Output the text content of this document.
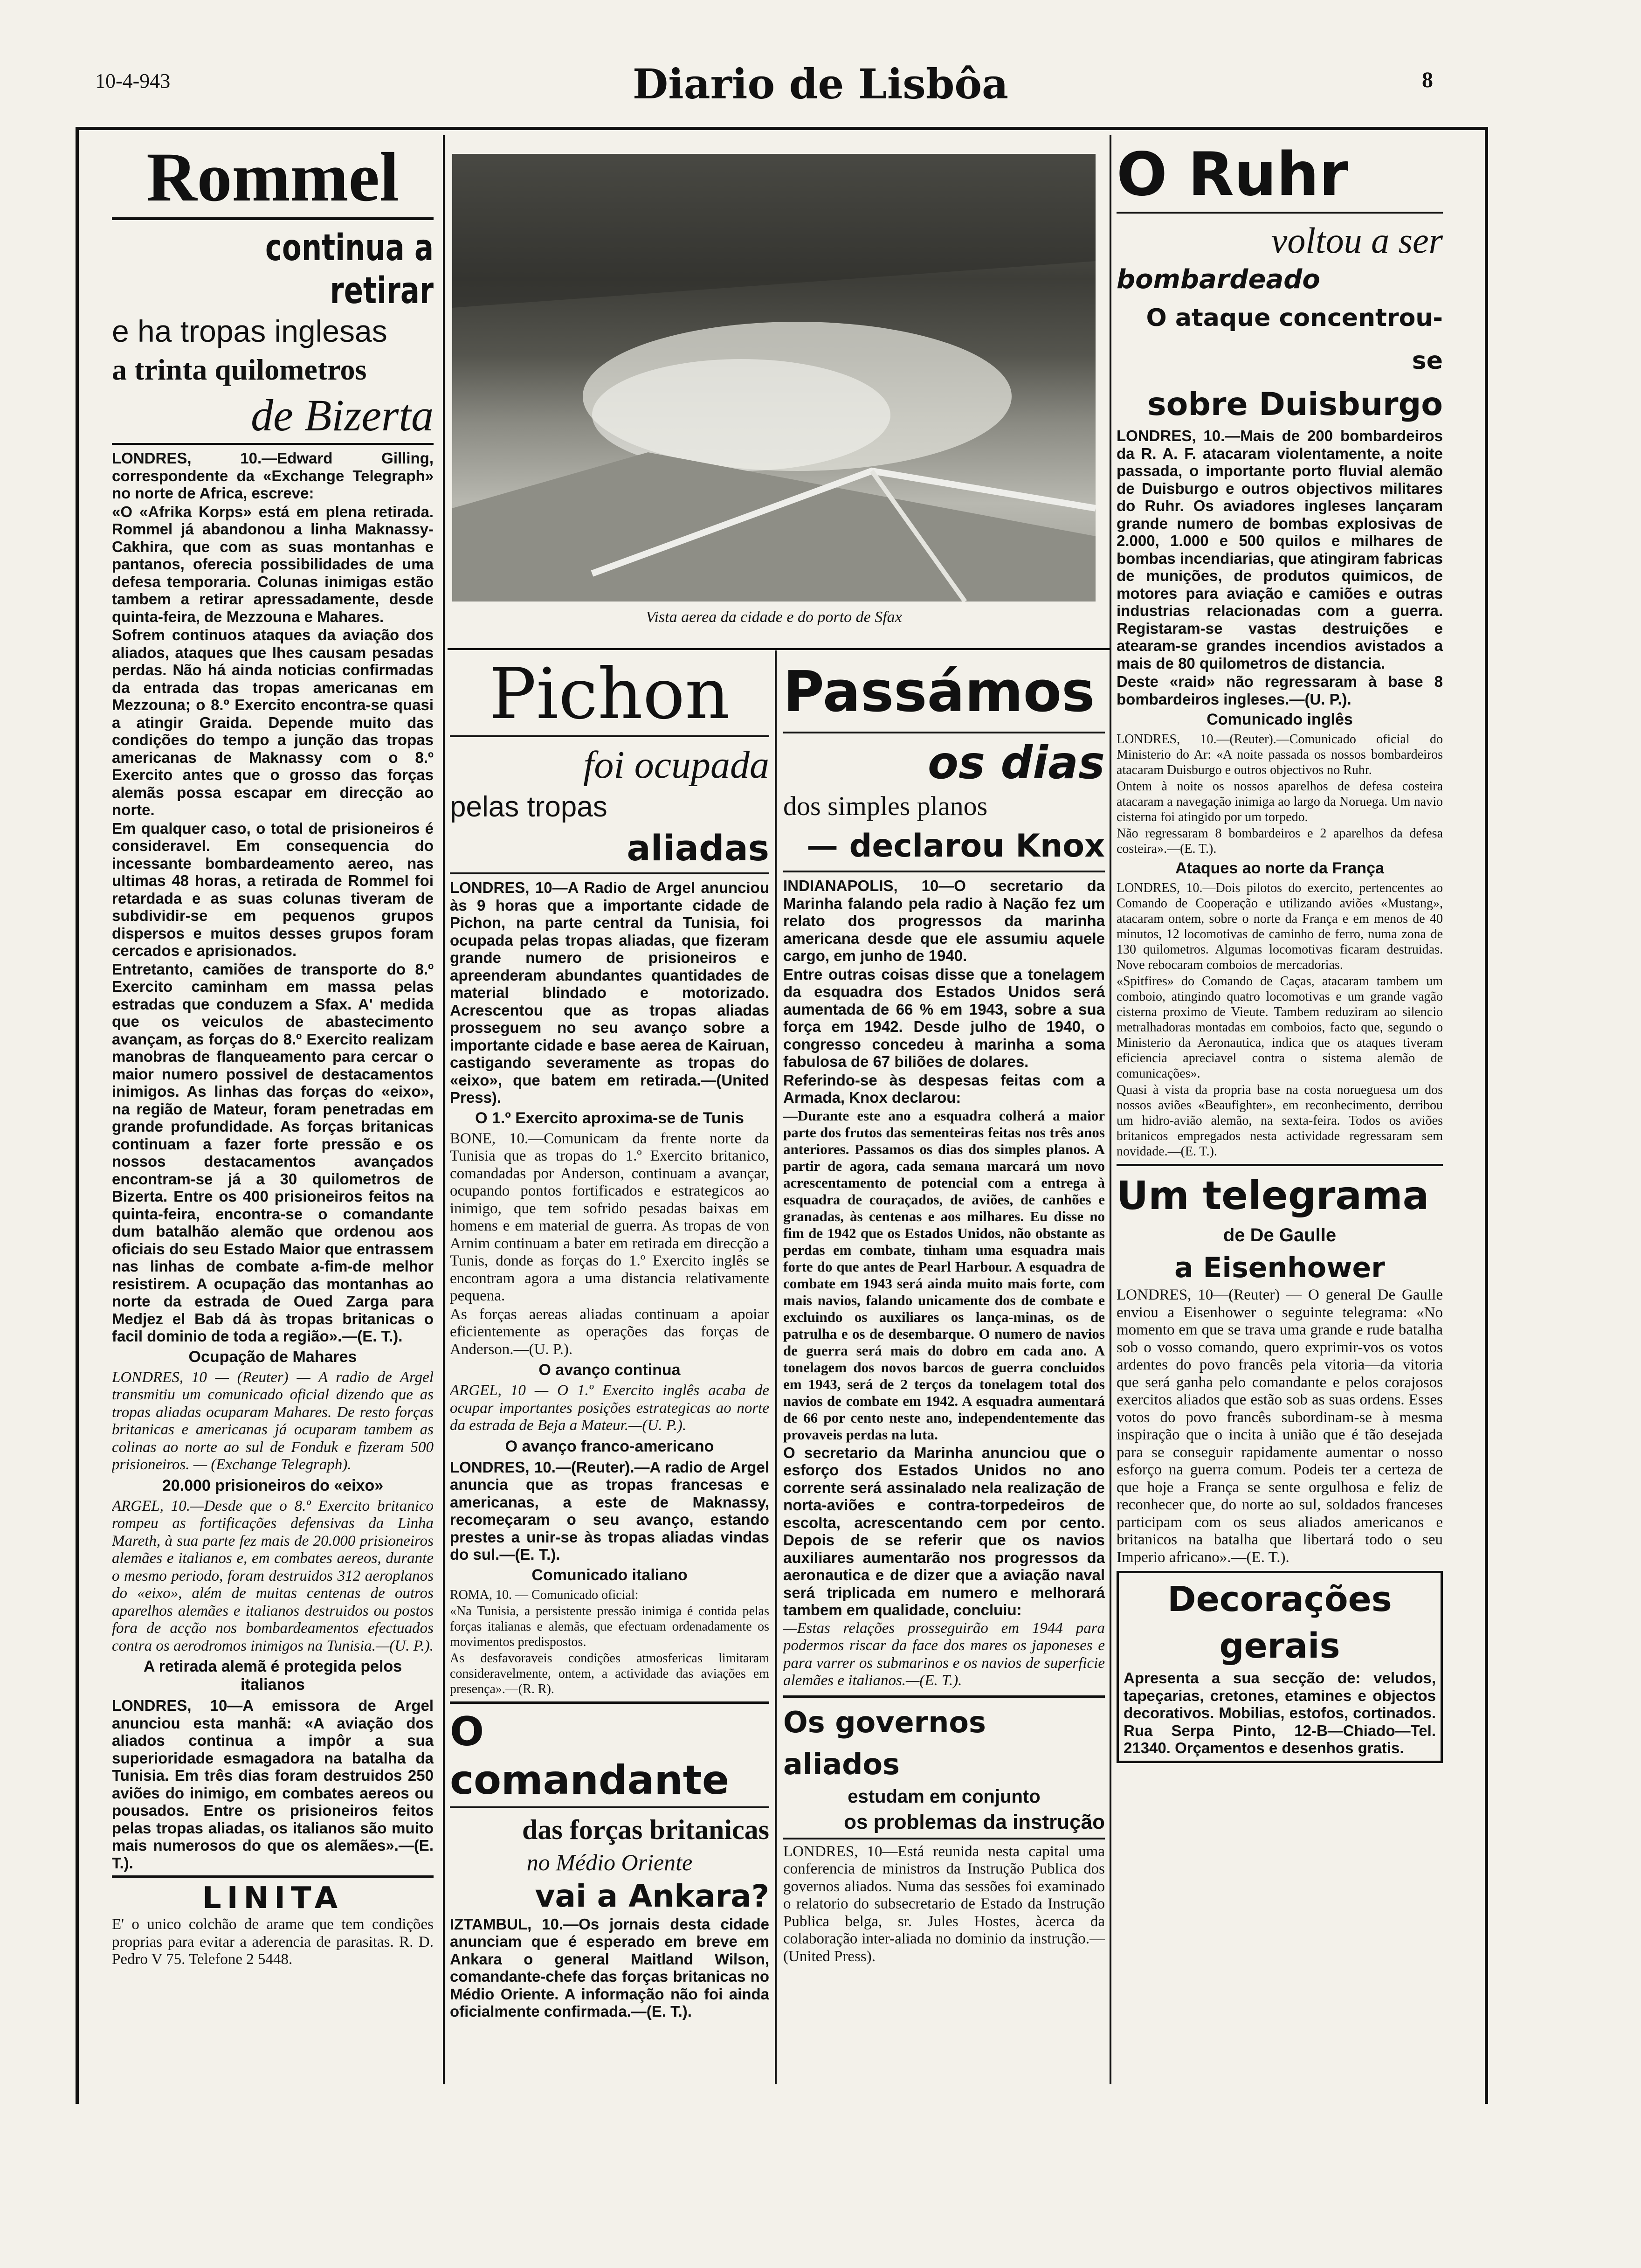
10-4-943	Diario de Lisbôa	8
Rommel
continua a retirar
e ha tropas inglesas
a trinta quilometros
de Bizerta

LONDRES, 10.—Edward Gilling, correspondente da «Exchange Telegraph» no norte de Africa, escreve:

«O «Afrika Korps» está em plena retirada. Rommel já abandonou a linha Maknassy-Cakhira, que com as suas montanhas e pantanos, oferecia possibilidades de uma defesa temporaria. Colunas inimigas estão tambem a retirar apressadamente, desde quinta-feira, de Mezzouna e Mahares.

Sofrem continuos ataques da aviação dos aliados, ataques que lhes causam pesadas perdas. Não há ainda noticias confirmadas da entrada das tropas americanas em Mezzouna; o 8.º Exercito encontra-se quasi a atingir Graida. Depende muito das condições do tempo a junção das tropas americanas de Maknassy com o 8.º Exercito antes que o grosso das forças alemãs possa escapar em direcção ao norte.

Em qualquer caso, o total de prisioneiros é consideravel. Em consequencia do incessante bombardeamento aereo, nas ultimas 48 horas, a retirada de Rommel foi retardada e as suas colunas tiveram de subdividir-se em pequenos grupos dispersos e muitos desses grupos foram cercados e aprisionados.

Entretanto, camiões de transporte do 8.º Exercito caminham em massa pelas estradas que conduzem a Sfax. A' medida que os veiculos de abastecimento avançam, as forças do 8.º Exercito realizam manobras de flanqueamento para cercar o maior numero possivel de destacamentos inimigos. As linhas das forças do «eixo», na região de Mateur, foram penetradas em grande profundidade. As forças britanicas continuam a fazer forte pressão e os nossos destacamentos avançados encontram-se já a 30 quilometros de Bizerta. Entre os 400 prisioneiros feitos na quinta-feira, encontra-se o comandante dum batalhão alemão que ordenou aos oficiais do seu Estado Maior que entrassem nas linhas de combate a-fim-de melhor resistirem. A ocupação das montanhas ao norte da estrada de Oued Zarga para Medjez el Bab dá às tropas britanicas o facil dominio de toda a região».—(E. T.).

Ocupação de Mahares

LONDRES, 10 — (Reuter) — A radio de Argel transmitiu um comunicado oficial dizendo que as tropas aliadas ocuparam Mahares. De resto forças britanicas e americanas já ocuparam tambem as colinas ao norte ao sul de Fonduk e fizeram 500 prisioneiros. — (Exchange Telegraph).

20.000 prisioneiros do «eixo»

ARGEL, 10.—Desde que o 8.º Exercito britanico rompeu as fortificações defensivas da Linha Mareth, à sua parte fez mais de 20.000 prisioneiros alemães e italianos e, em combates aereos, durante o mesmo periodo, foram destruidos 312 aeroplanos do «eixo», além de muitas centenas de outros aparelhos alemães e italianos destruidos ou postos fora de acção nos bombardeamentos efectuados contra os aerodromos inimigos na Tunisia.—(U. P.).

A retirada alemã é protegida pelos italianos

LONDRES, 10—A emissora de Argel anunciou esta manhã: «A aviação dos aliados continua a impôr a sua superioridade esmagadora na batalha da Tunisia. Em três dias foram destruidos 250 aviões do inimigo, em combates aereos ou pousados. Entre os prisioneiros feitos pelas tropas aliadas, os italianos são muito mais numerosos do que os alemães».—(E. T.).

LINITA

E' o unico colchão de arame que tem condições proprias para evitar a aderencia de parasitas. R. D. Pedro V 75. Telefone 2 5448.

Vista aerea da cidade e do porto de Sfax
Pichon
foi ocupada
pelas tropas
aliadas

LONDRES, 10—A Radio de Argel anunciou às 9 horas que a importante cidade de Pichon, na parte central da Tunisia, foi ocupada pelas tropas aliadas, que fizeram grande numero de prisioneiros e apreenderam abundantes quantidades de material blindado e motorizado. Acrescentou que as tropas aliadas prosseguem no seu avanço sobre a importante cidade e base aerea de Kairuan, castigando severamente as tropas do «eixo», que batem em retirada.—(United Press).

O 1.º Exercito aproxima-se de Tunis

BONE, 10.—Comunicam da frente norte da Tunisia que as tropas do 1.º Exercito britanico, comandadas por Anderson, continuam a avançar, ocupando pontos fortificados e estrategicos ao inimigo, que tem sofrido pesadas baixas em homens e em material de guerra. As tropas de von Arnim continuam a bater em retirada em direcção a Tunis, donde as forças do 1.º Exercito inglês se encontram agora a uma distancia relativamente pequena.

As forças aereas aliadas continuam a apoiar eficientemente as operações das forças de Anderson.—(U. P.).

O avanço continua

ARGEL, 10 — O 1.º Exercito inglês acaba de ocupar importantes posições estrategicas ao norte da estrada de Beja a Mateur.—(U. P.).

O avanço franco-americano

LONDRES, 10.—(Reuter).—A radio de Argel anuncia que as tropas francesas e americanas, a este de Maknassy, recomeçaram o seu avanço, estando prestes a unir-se às tropas aliadas vindas do sul.—(E. T.).

Comunicado italiano

ROMA, 10. — Comunicado oficial:

«Na Tunisia, a persistente pressão inimiga é contida pelas forças italianas e alemãs, que efectuam ordenadamente os movimentos predispostos.

As desfavoraveis condições atmosfericas limitaram consideravelmente, ontem, a actividade das aviações em presença».—(R. R).

O comandante
das forças britanicas
no Médio Oriente
vai a Ankara?

IZTAMBUL, 10.—Os jornais desta cidade anunciam que é esperado em breve em Ankara o general Maitland Wilson, comandante-chefe das forças britanicas no Médio Oriente. A informação não foi ainda oficialmente confirmada.—(E. T.).

Passámos
os dias
dos simples planos
— declarou Knox

INDIANAPOLIS, 10—O secretario da Marinha falando pela radio à Nação fez um relato dos progressos da marinha americana desde que ele assumiu aquele cargo, em junho de 1940.

Entre outras coisas disse que a tonelagem da esquadra dos Estados Unidos será aumentada de 66 % em 1943, sobre a sua força em 1942. Desde julho de 1940, o congresso concedeu à marinha a soma fabulosa de 67 biliões de dolares.

Referindo-se às despesas feitas com a Armada, Knox declarou:

—Durante este ano a esquadra colherá a maior parte dos frutos das sementeiras feitas nos três anos anteriores. Passamos os dias dos simples planos. A partir de agora, cada semana marcará um novo acrescentamento de potencial com a entrega à esquadra de couraçados, de aviões, de canhões e granadas, às centenas e aos milhares. Eu disse no fim de 1942 que os Estados Unidos, não obstante as perdas em combate, tinham uma esquadra mais forte do que antes de Pearl Harbour. A esquadra de combate em 1943 será ainda muito mais forte, com mais navios, falando unicamente dos de combate e excluindo os auxiliares os lança-minas, os de patrulha e os de desembarque. O numero de navios de guerra será mais do dobro em cada ano. A tonelagem dos novos barcos de guerra concluidos em 1943, será de 2 terços da tonelagem total dos navios de combate em 1942. A esquadra aumentará de 66 por cento neste ano, independentemente das provaveis perdas na luta.

O secretario da Marinha anunciou que o esforço dos Estados Unidos no ano corrente será assinalado nela realização de norta-aviões e contra-torpedeiros de escolta, acrescentando cem por cento. Depois de se referir que os navios auxiliares aumentarão nos progressos da aeronautica e de dizer que a aviação naval será triplicada em numero e melhorará tambem em qualidade, concluiu:

—Estas relações prosseguirão em 1944 para podermos riscar da face dos mares os japoneses e para varrer os submarinos e os navios de superficie alemães e italianos.—(E. T.).

Os governos aliados
estudam em conjunto
os problemas da instrução

LONDRES, 10—Está reunida nesta capital uma conferencia de ministros da Instrução Publica dos governos aliados. Numa das sessões foi examinado o relatorio do subsecretario de Estado da Instrução Publica belga, sr. Jules Hostes, àcerca da colaboração inter-aliada no dominio da instrução.—(United Press).

O Ruhr
voltou a ser
bombardeado
O ataque concentrou-se
sobre Duisburgo

LONDRES, 10.—Mais de 200 bombardeiros da R. A. F. atacaram violentamente, a noite passada, o importante porto fluvial alemão de Duisburgo e outros objectivos militares do Ruhr. Os aviadores ingleses lançaram grande numero de bombas explosivas de 2.000, 1.000 e 500 quilos e milhares de bombas incendiarias, que atingiram fabricas de munições, de produtos quimicos, de motores para aviação e camiões e outras industrias relacionadas com a guerra. Registaram-se vastas destruições e atearam-se grandes incendios avistados a mais de 80 quilometros de distancia.

Deste «raid» não regressaram à base 8 bombardeiros ingleses.—(U. P.).

Comunicado inglês

LONDRES, 10.—(Reuter).—Comunicado oficial do Ministerio do Ar: «A noite passada os nossos bombardeiros atacaram Duisburgo e outros objectivos no Ruhr.

Ontem à noite os nossos aparelhos de defesa costeira atacaram a navegação inimiga ao largo da Noruega. Um navio cisterna foi atingido por um torpedo.

Não regressaram 8 bombardeiros e 2 aparelhos da defesa costeira».—(E. T.).

Ataques ao norte da França

LONDRES, 10.—Dois pilotos do exercito, pertencentes ao Comando de Cooperação e utilizando aviões «Mustang», atacaram ontem, sobre o norte da França e em menos de 40 minutos, 12 locomotivas de caminho de ferro, numa zona de 130 quilometros. Algumas locomotivas ficaram destruidas. Nove rebocaram comboios de mercadorias.

«Spitfires» do Comando de Caças, atacaram tambem um comboio, atingindo quatro locomotivas e um grande vagão cisterna proximo de Vieute. Tambem reduziram ao silencio metralhadoras montadas em comboios, facto que, segundo o Ministerio da Aeronautica, indica que os ataques tiveram eficiencia apreciavel contra o sistema alemão de comunicações».

Quasi à vista da propria base na costa norueguesa um dos nossos aviões «Beaufighter», em reconhecimento, derribou um hidro-avião alemão, na sexta-feira. Todos os aviões britanicos empregados nesta actividade regressaram sem novidade.—(E. T.).

Um telegrama
de De Gaulle
a Eisenhower

LONDRES, 10—(Reuter) — O general De Gaulle enviou a Eisenhower o seguinte telegrama: «No momento em que se trava uma grande e rude batalha sob o vosso comando, quero exprimir-vos os votos ardentes do povo francês pela vitoria—da vitoria que será ganha pelo comandante e pelos corajosos exercitos aliados que estão sob as suas ordens. Esses votos do povo francês subordinam-se à mesma inspiração que o incita à união que é tão desejada para se conseguir rapidamente aumentar o nosso esforço na guerra comum. Podeis ter a certeza de que hoje a França se sente orgulhosa e feliz de reconhecer que, do norte ao sul, soldados franceses participam com os seus aliados americanos e britanicos na batalha que libertará todo o seu Imperio africano».—(E. T.).

Decorações gerais

Apresenta a sua secção de: veludos, tapeçarias, cretones, etamines e objectos decorativos. Mobilias, estofos, cortinados. Rua Serpa Pinto, 12-B—Chiado—Tel. 21340. Orçamentos e desenhos gratis.
